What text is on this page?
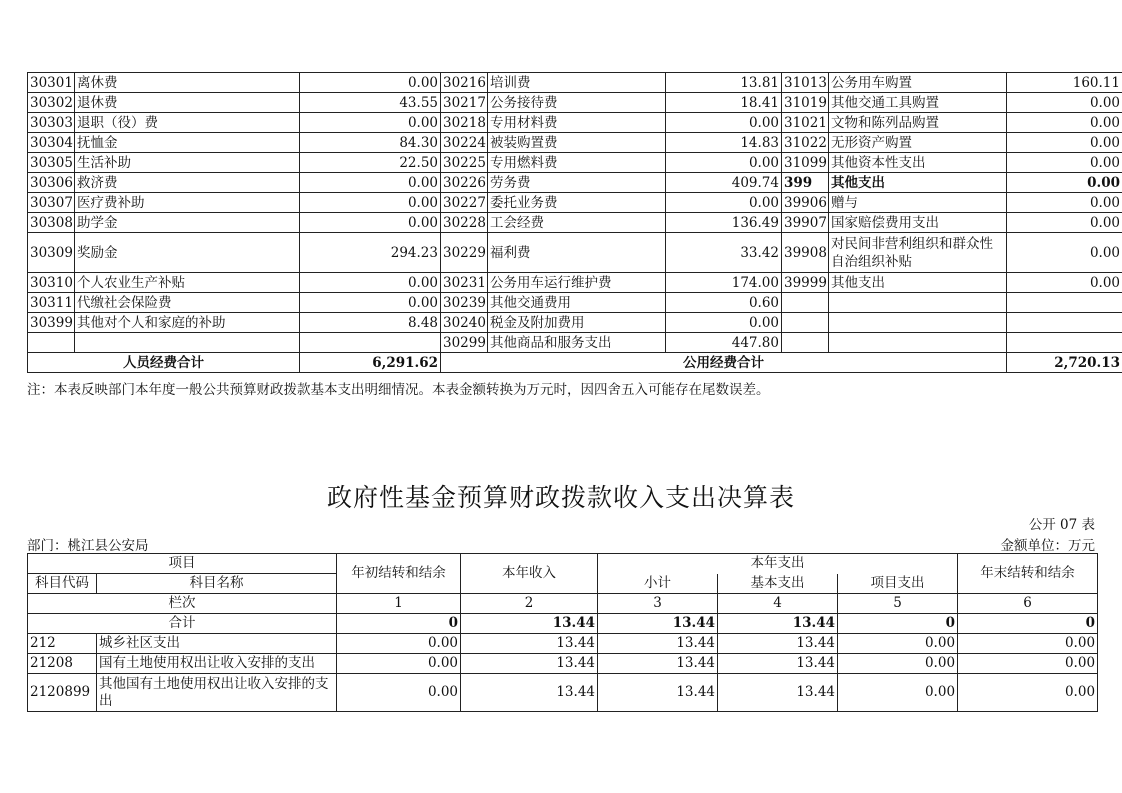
30301	离休费	0.00	30216	培训费	13.81	31013	公务用车购置	160.11
30302	退休费	43.55	30217	公务接待费	18.41	31019	其他交通工具购置	0.00
30303	退职（役）费	0.00	30218	专用材料费	0.00	31021	文物和陈列品购置	0.00
30304	抚恤金	84.30	30224	被装购置费	14.83	31022	无形资产购置	0.00
30305	生活补助	22.50	30225	专用燃料费	0.00	31099	其他资本性支出	0.00
30306	救济费	0.00	30226	劳务费	409.74	399	其他支出	0.00
30307	医疗费补助	0.00	30227	委托业务费	0.00	39906	赠与	0.00
30308	助学金	0.00	30228	工会经费	136.49	39907	国家赔偿费用支出	0.00
30309	奖励金	294.23	30229	福利费	33.42	39908	对民间非营利组织和群众性自治组织补贴	0.00
30310	个人农业生产补贴	0.00	30231	公务用车运行维护费	174.00	39999	其他支出	0.00
30311	代缴社会保险费	0.00	30239	其他交通费用	0.60			
30399	其他对个人和家庭的补助	8.48	30240	税金及附加费用	0.00			
			30299	其他商品和服务支出	447.80			
人员经费合计		6,291.62	公用经费合计					2,720.13
注：本表反映部门本年度一般公共预算财政拨款基本支出明细情况。本表金额转换为万元时，因四舍五入可能存在尾数误差。
政府性基金预算财政拨款收入支出决算表
公开 07 表
部门：桃江县公安局	金额单位：万元
项目		年初结转和结余	本年收入	本年支出			年末结转和结余
科目代码	科目名称			小计	基本支出	项目支出	
栏次		1	2	3	4	5	6
合计		0	13.44	13.44	13.44	0	0
212	城乡社区支出	0.00	13.44	13.44	13.44	0.00	0.00
21208	国有土地使用权出让收入安排的支出	0.00	13.44	13.44	13.44	0.00	0.00
2120899	其他国有土地使用权出让收入安排的支出	0.00	13.44	13.44	13.44	0.00	0.00
